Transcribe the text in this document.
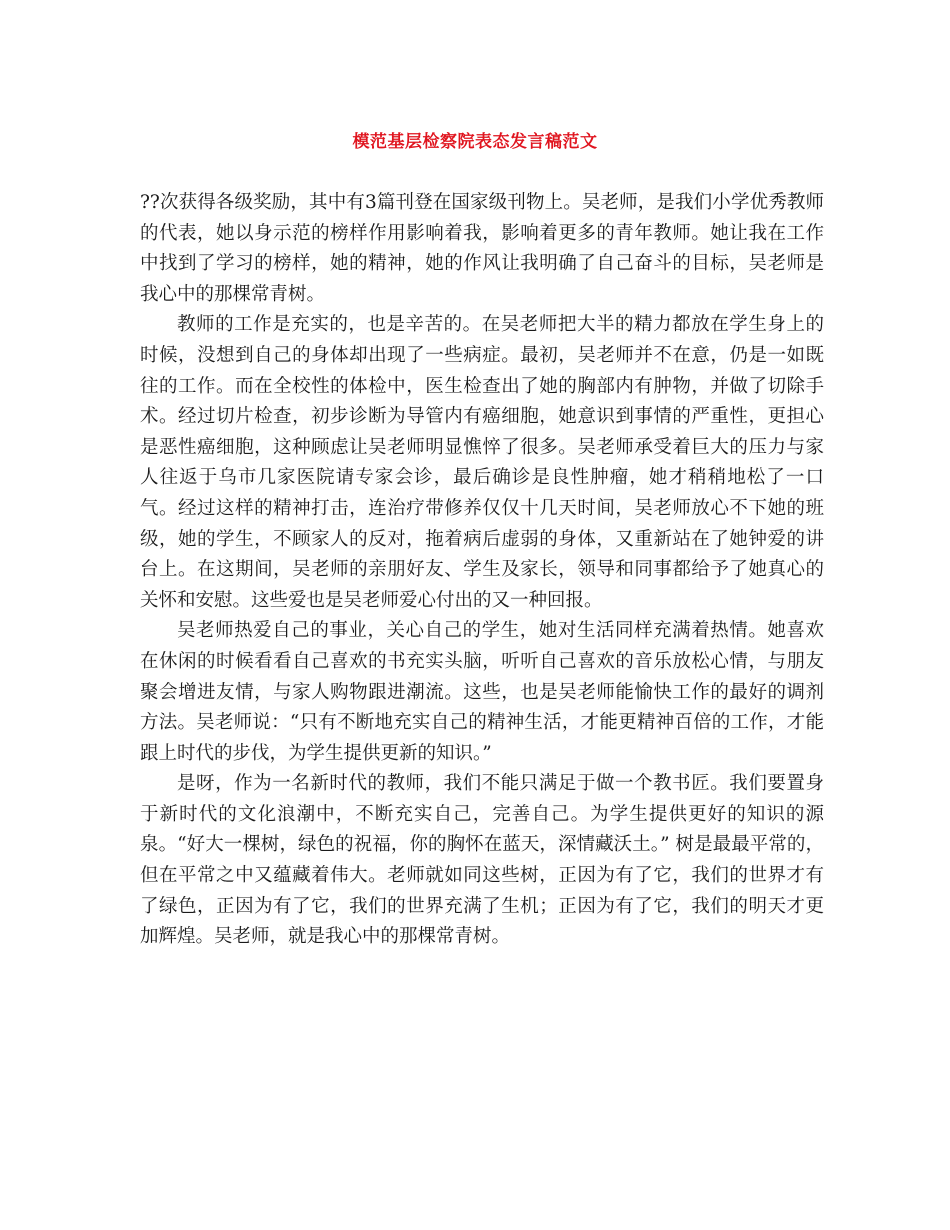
模范基层检察院表态发言稿范文

??次获得各级奖励，其中有3篇刊登在国家级刊物上。吴老师，是我们小学优秀教师的代表，她以身示范的榜样作用影响着我，影响着更多的青年教师。她让我在工作中找到了学习的榜样，她的精神，她的作风让我明确了自己奋斗的目标，吴老师是我心中的那棵常青树。

教师的工作是充实的，也是辛苦的。在吴老师把大半的精力都放在学生身上的时候，没想到自己的身体却出现了一些病症。最初，吴老师并不在意，仍是一如既往的工作。而在全校性的体检中，医生检查出了她的胸部内有肿物，并做了切除手术。经过切片检查，初步诊断为导管内有癌细胞，她意识到事情的严重性，更担心是恶性癌细胞，这种顾虑让吴老师明显憔悴了很多。吴老师承受着巨大的压力与家人往返于乌市几家医院请专家会诊，最后确诊是良性肿瘤，她才稍稍地松了一口气。经过这样的精神打击，连治疗带修养仅仅十几天时间，吴老师放心不下她的班级，她的学生，不顾家人的反对，拖着病后虚弱的身体，又重新站在了她钟爱的讲台上。在这期间，吴老师的亲朋好友、学生及家长，领导和同事都给予了她真心的关怀和安慰。这些爱也是吴老师爱心付出的又一种回报。

吴老师热爱自己的事业，关心自己的学生，她对生活同样充满着热情。她喜欢在休闲的时候看看自己喜欢的书充实头脑，听听自己喜欢的音乐放松心情，与朋友聚会增进友情，与家人购物跟进潮流。这些，也是吴老师能愉快工作的最好的调剂方法。吴老师说：“只有不断地充实自己的精神生活，才能更精神百倍的工作，才能跟上时代的步伐，为学生提供更新的知识。”

是呀，作为一名新时代的教师，我们不能只满足于做一个教书匠。我们要置身于新时代的文化浪潮中，不断充实自己，完善自己。为学生提供更好的知识的源泉。“好大一棵树，绿色的祝福，你的胸怀在蓝天，深情藏沃土。” 树是最最平常的，但在平常之中又蕴藏着伟大。老师就如同这些树，正因为有了它，我们的世界才有了绿色，正因为有了它，我们的世界充满了生机；正因为有了它，我们的明天才更加辉煌。吴老师，就是我心中的那棵常青树。
